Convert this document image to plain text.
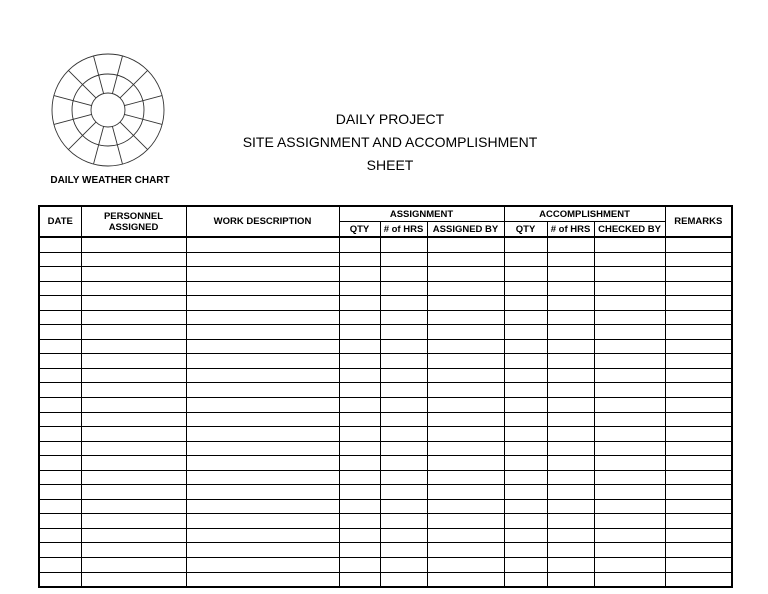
DAILY WEATHER CHART
DAILY PROJECT
SITE ASSIGNMENT AND ACCOMPLISHMENT
SHEET
DATE	PERSONNEL ASSIGNED	WORK DESCRIPTION	ASSIGNMENT			ACCOMPLISHMENT			REMARKS
			QTY	# of HRS	ASSIGNED BY	QTY	# of HRS	CHECKED BY	
